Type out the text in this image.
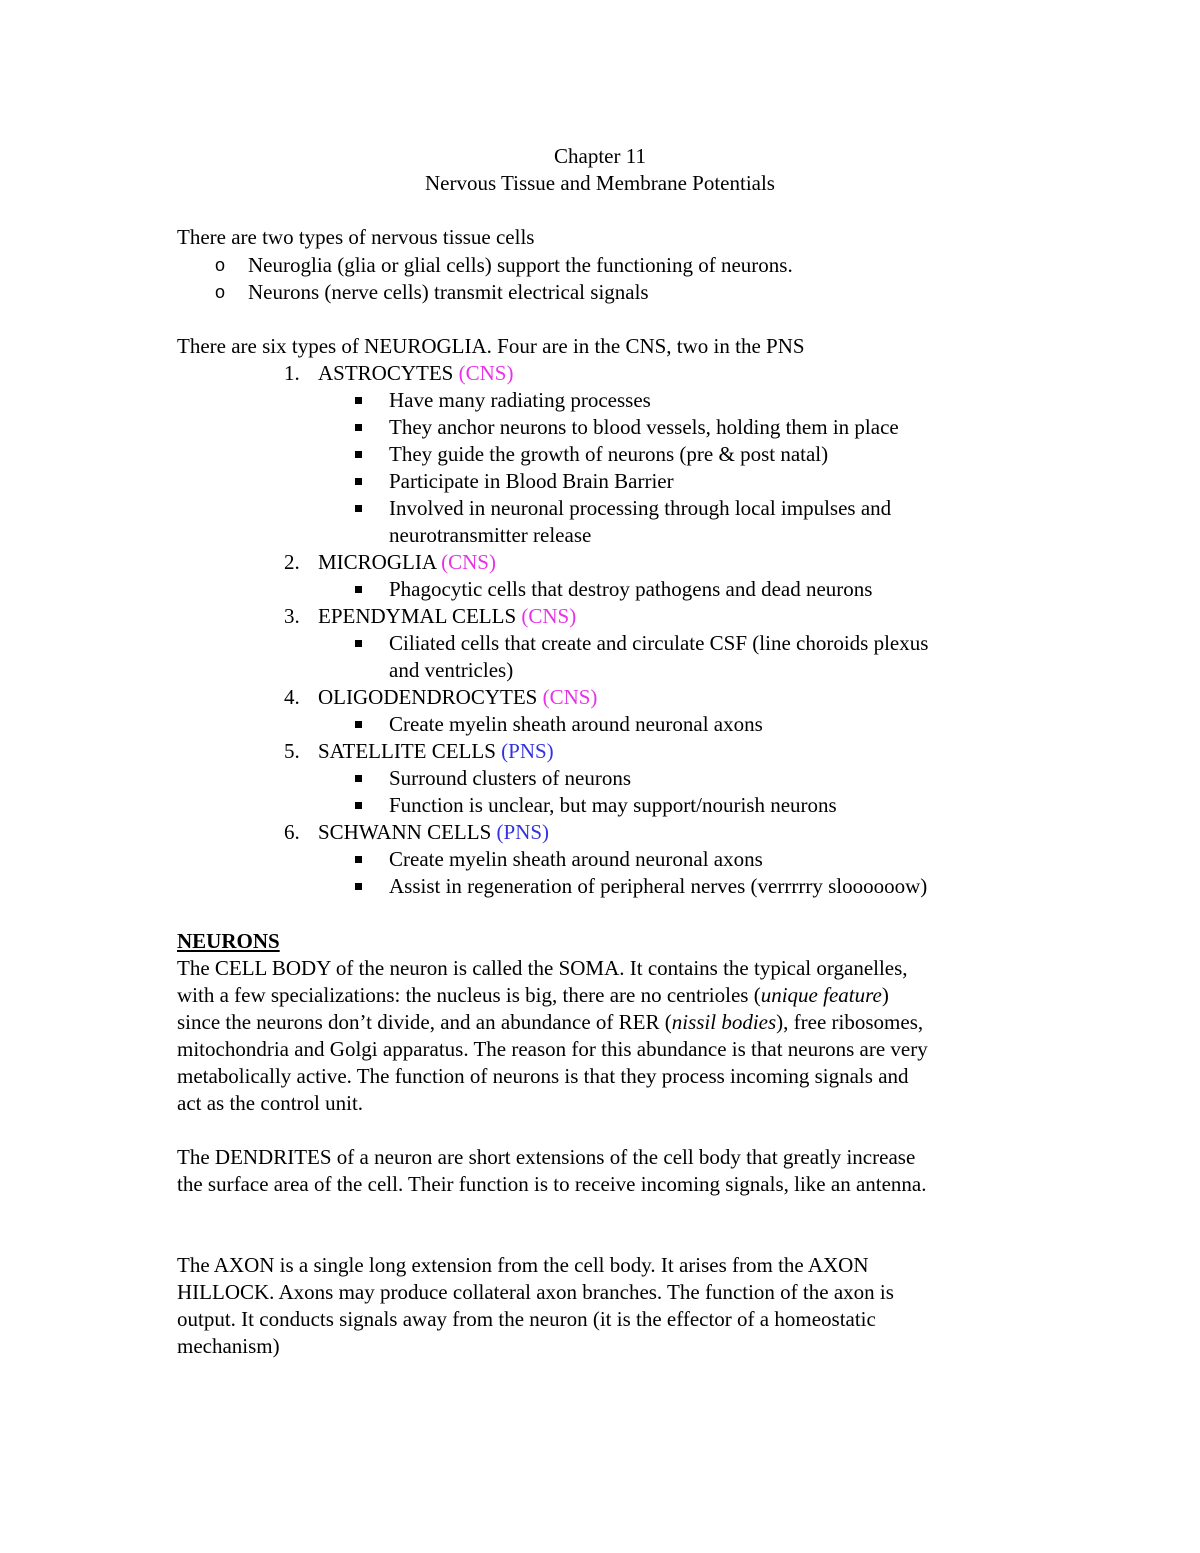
Chapter 11
Nervous Tissue and Membrane Potentials
There are two types of nervous tissue cells
o Neuroglia (glia or glial cells) support the functioning of neurons.
o Neurons (nerve cells) transmit electrical signals
There are six types of NEUROGLIA. Four are in the CNS, two in the PNS
1. ASTROCYTES (CNS)
Have many radiating processes
They anchor neurons to blood vessels, holding them in place
They guide the growth of neurons (pre & post natal)
Participate in Blood Brain Barrier
Involved in neuronal processing through local impulses and
neurotransmitter release
2. MICROGLIA (CNS)
Phagocytic cells that destroy pathogens and dead neurons
3. EPENDYMAL CELLS (CNS)
Ciliated cells that create and circulate CSF (line choroids plexus
and ventricles)
4. OLIGODENDROCYTES (CNS)
Create myelin sheath around neuronal axons
5. SATELLITE CELLS (PNS)
Surround clusters of neurons
Function is unclear, but may support/nourish neurons
6. SCHWANN CELLS (PNS)
Create myelin sheath around neuronal axons
Assist in regeneration of peripheral nerves (verrrrry sloooooow)
NEURONS
The CELL BODY of the neuron is called the SOMA. It contains the typical organelles,
with a few specializations: the nucleus is big, there are no centrioles (unique feature)
since the neurons don’t divide, and an abundance of RER (nissil bodies), free ribosomes,
mitochondria and Golgi apparatus. The reason for this abundance is that neurons are very
metabolically active. The function of neurons is that they process incoming signals and
act as the control unit.
The DENDRITES of a neuron are short extensions of the cell body that greatly increase
the surface area of the cell. Their function is to receive incoming signals, like an antenna.
The AXON is a single long extension from the cell body. It arises from the AXON
HILLOCK. Axons may produce collateral axon branches. The function of the axon is
output. It conducts signals away from the neuron (it is the effector of a homeostatic
mechanism)
